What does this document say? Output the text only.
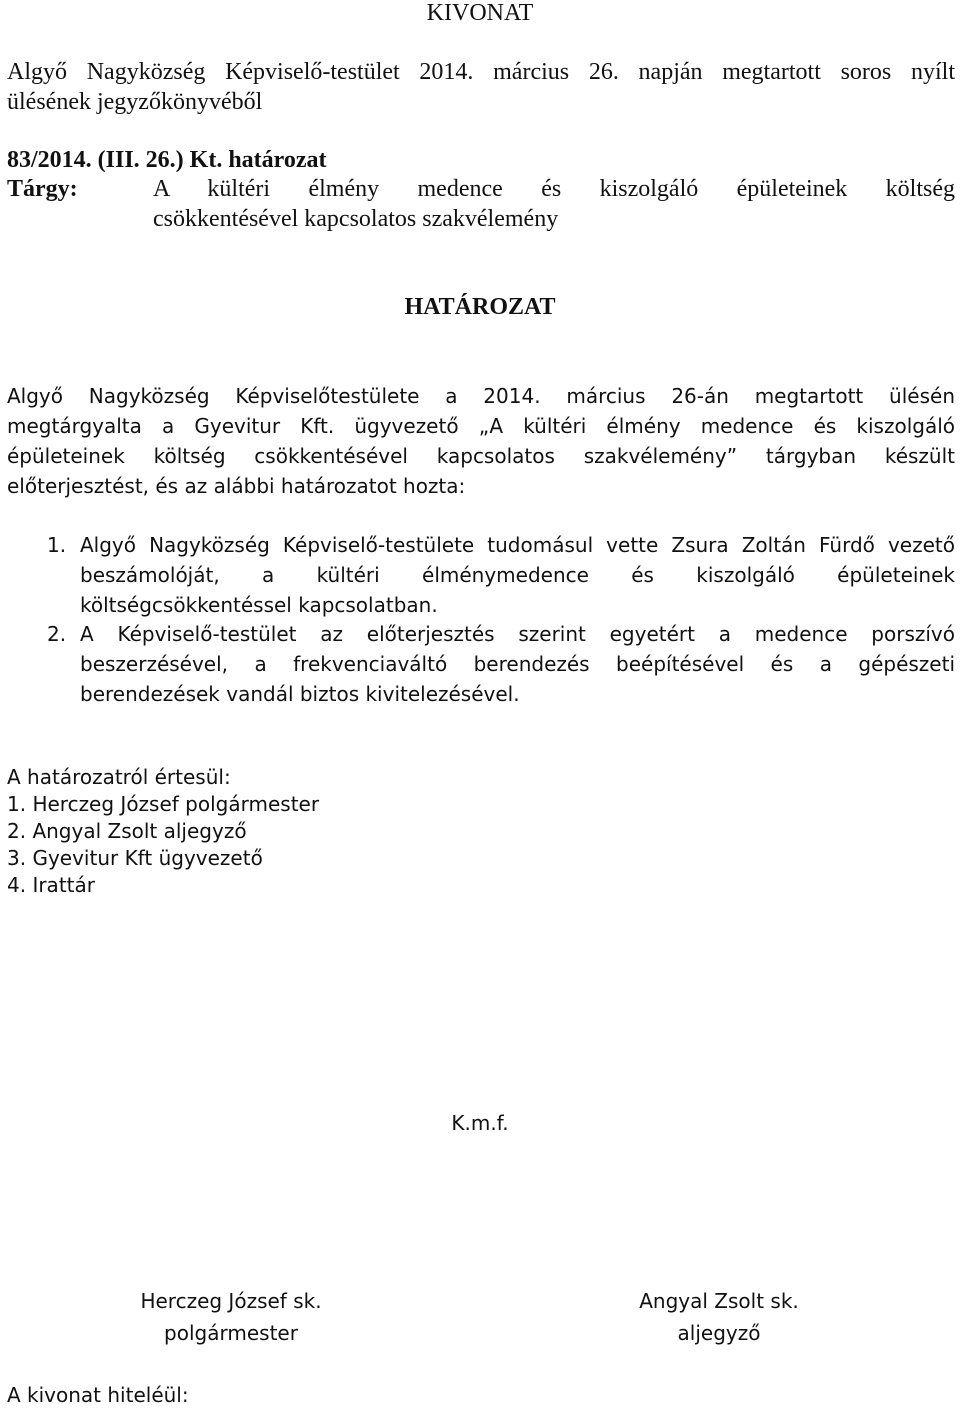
KIVONAT
Algyő Nagyközség Képviselő-testület 2014. március 26. napján megtartott soros nyílt
ülésének jegyzőkönyvéből
83/2014. (III. 26.) Kt. határozat
Tárgy:	A kültéri élmény medence és kiszolgáló épületeinek költség
csökkentésével kapcsolatos szakvélemény
HATÁROZAT
Algyő Nagyközség Képviselőtestülete a 2014. március 26-án megtartott ülésén
megtárgyalta a Gyevitur Kft. ügyvezető „A kültéri élmény medence és kiszolgáló
épületeinek költség csökkentésével kapcsolatos szakvélemény” tárgyban készült
előterjesztést, és az alábbi határozatot hozta:
1. Algyő Nagyközség Képviselő-testülete tudomásul vette Zsura Zoltán Fürdő vezető
beszámolóját, a kültéri élménymedence és kiszolgáló épületeinek
költségcsökkentéssel kapcsolatban.
2. A Képviselő-testület az előterjesztés szerint egyetért a medence porszívó
beszerzésével, a frekvenciaváltó berendezés beépítésével és a gépészeti
berendezések vandál biztos kivitelezésével.
A határozatról értesül:
1. Herczeg József polgármester
2. Angyal Zsolt aljegyző
3. Gyevitur Kft ügyvezető
4. Irattár
K.m.f.
Herczeg József sk.
polgármester
Angyal Zsolt sk.
aljegyző
A kivonat hiteléül:
